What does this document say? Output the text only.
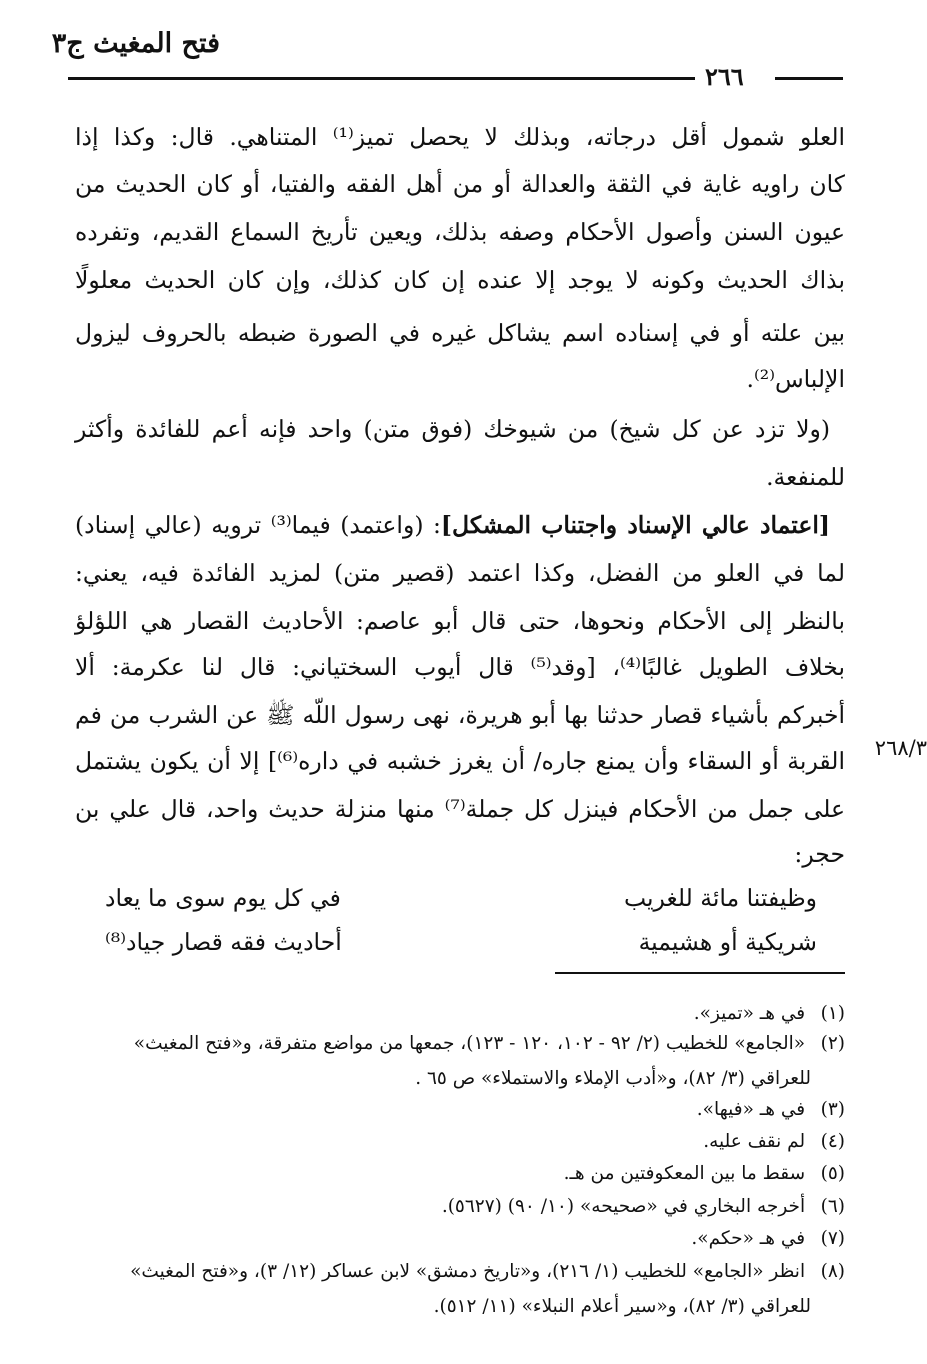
فتح المغيث ج٣
٢٦٦
العلو شمول أقل درجاته، وبذلك لا يحصل تميز⁽¹⁾ المتناهي. قال: وكذا إذا
كان راويه غاية في الثقة والعدالة أو من أهل الفقه والفتيا، أو كان الحديث من
عيون السنن وأصول الأحكام وصفه بذلك، ويعين تأريخ السماع القديم، وتفرده
بذاك الحديث وكونه لا يوجد إلا عنده إن كان كذلك، وإن كان الحديث معلولًا
بين علته أو في إسناده اسم يشاكل غيره في الصورة ضبطه بالحروف ليزول
الإلباس⁽²⁾.
(ولا تزد عن كل شيخ) من شيوخك (فوق متن) واحد فإنه أعم للفائدة وأكثر
للمنفعة.
[اعتماد عالي الإسناد واجتناب المشكل]: (واعتمد) فيما⁽³⁾ ترويه (عالي إسناد)
لما في العلو من الفضل، وكذا اعتمد (قصير متن) لمزيد الفائدة فيه، يعني:
بالنظر إلى الأحكام ونحوها، حتى قال أبو عاصم: الأحاديث القصار هي اللؤلؤ
بخلاف الطويل غالبًا⁽⁴⁾، [وقد⁽⁵⁾ قال أيوب السختياني: قال لنا عكرمة: ألا
أخبركم بأشياء قصار حدثنا بها أبو هريرة، نهى رسول اللّه ﷺ عن الشرب من فم
القربة أو السقاء وأن يمنع جاره/ أن يغرز خشبه في داره⁽⁶⁾] إلا أن يكون يشتمل
على جمل من الأحكام فينزل كل جملة⁽⁷⁾ منها منزلة حديث واحد، قال علي بن
حجر:
٢٦٨/٣
وظيفتنا مائة للغريب
في كل يوم سوى ما يعاد
شريكية أو هشيمية
أحاديث فقه قصار جياد⁽⁸⁾
(١) في هـ «تميز».
(٢) «الجامع» للخطيب (٢/ ٩٢ - ١٠٢، ١٢٠ - ١٢٣)، جمعها من مواضع متفرقة، و«فتح المغيث»
للعراقي (٣/ ٨٢)، و«أدب الإملاء والاستملاء» ص ٦٥ .
(٣) في هـ «فيها».
(٤) لم نقف عليه.
(٥) سقط ما بين المعكوفتين من هـ.
(٦) أخرجه البخاري في «صحيحه» (١٠/ ٩٠) (٥٦٢٧).
(٧) في هـ «حكم».
(٨) انظر «الجامع» للخطيب (١/ ٢١٦)، و«تاريخ دمشق» لابن عساكر (١٢/ ٣)، و«فتح المغيث»
للعراقي (٣/ ٨٢)، و«سير أعلام النبلاء» (١١/ ٥١٢).
